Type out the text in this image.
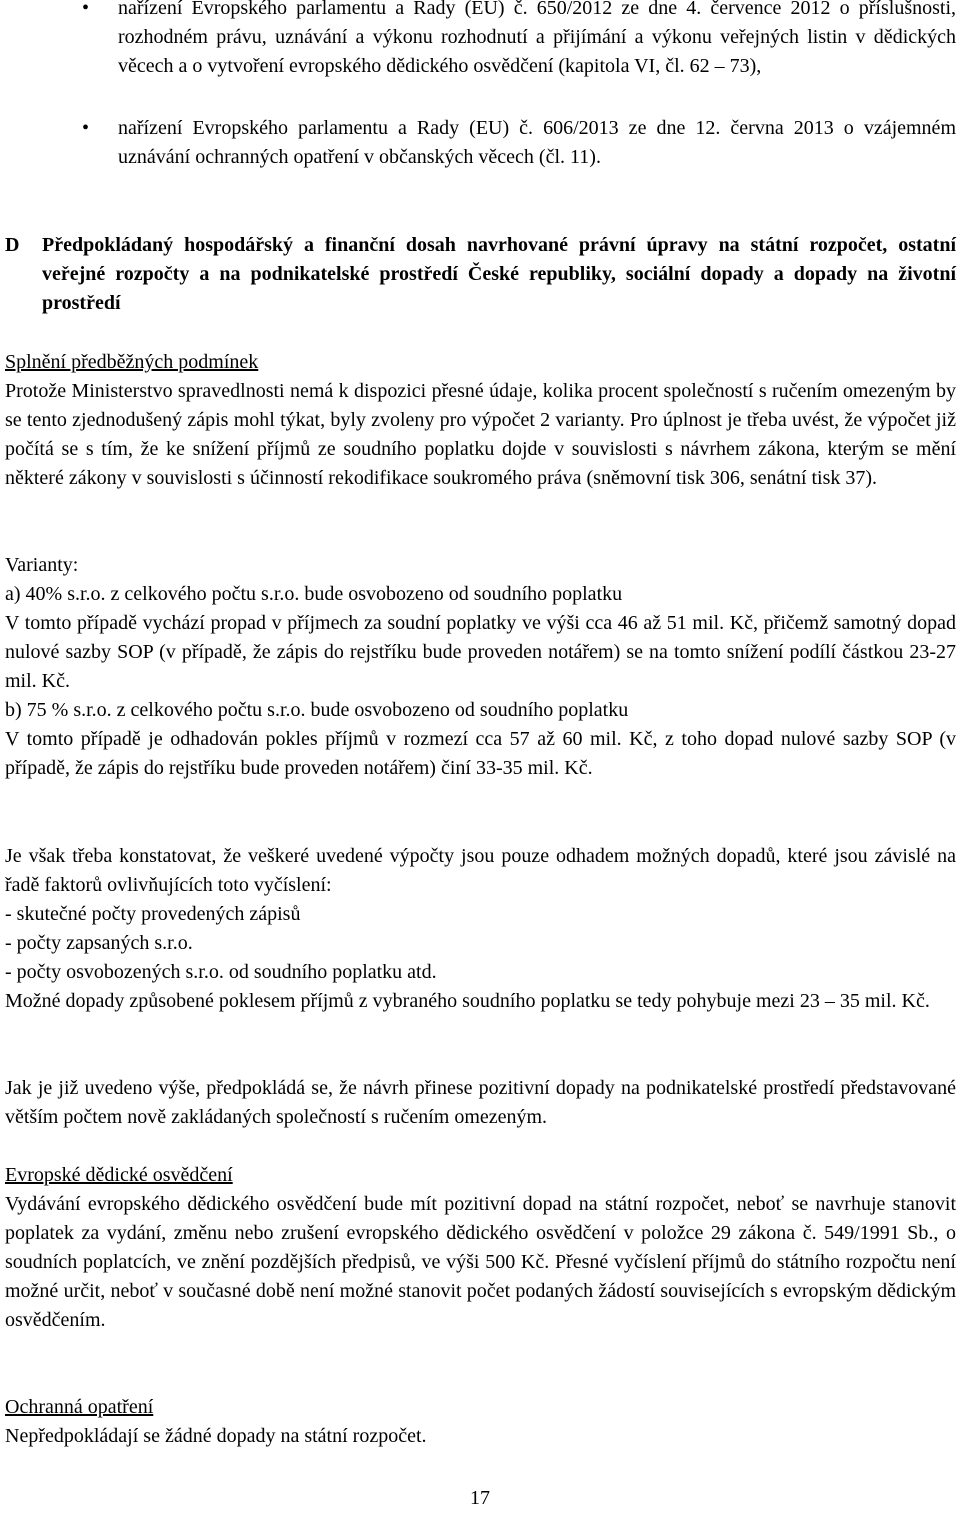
• nařízení Evropského parlamentu a Rady (EU) č. 650/2012 ze dne 4. července 2012 o příslušnosti, rozhodném právu, uznávání a výkonu rozhodnutí a přijímání a výkonu veřejných listin v dědických věcech a o vytvoření evropského dědického osvědčení (kapitola VI, čl. 62 – 73),
• nařízení Evropského parlamentu a Rady (EU) č. 606/2013 ze dne 12. června 2013 o vzájemném uznávání ochranných opatření v občanských věcech (čl. 11).
D Předpokládaný hospodářský a finanční dosah navrhované právní úpravy na státní rozpočet, ostatní veřejné rozpočty a na podnikatelské prostředí České republiky, sociální dopady a dopady na životní prostředí
Splnění předběžných podmínek
Protože Ministerstvo spravedlnosti nemá k dispozici přesné údaje, kolika procent společností s ručením omezeným by se tento zjednodušený zápis mohl týkat, byly zvoleny pro výpočet 2 varianty. Pro úplnost je třeba uvést, že výpočet již počítá se s tím, že ke snížení příjmů ze soudního poplatku dojde v souvislosti s návrhem zákona, kterým se mění některé zákony v souvislosti s účinností rekodifikace soukromého práva (sněmovní tisk 306, senátní tisk 37).
Varianty:
a) 40% s.r.o. z celkového počtu s.r.o. bude osvobozeno od soudního poplatku
V tomto případě vychází propad v příjmech za soudní poplatky ve výši cca 46 až 51 mil. Kč, přičemž samotný dopad nulové sazby SOP (v případě, že zápis do rejstříku bude proveden notářem) se na tomto snížení podílí částkou 23-27 mil. Kč.
b) 75 % s.r.o. z celkového počtu s.r.o. bude osvobozeno od soudního poplatku
V tomto případě je odhadován pokles příjmů v rozmezí cca 57 až 60 mil. Kč, z toho dopad nulové sazby SOP (v případě, že zápis do rejstříku bude proveden notářem) činí 33-35 mil. Kč.
Je však třeba konstatovat, že veškeré uvedené výpočty jsou pouze odhadem možných dopadů, které jsou závislé na řadě faktorů ovlivňujících toto vyčíslení:
- skutečné počty provedených zápisů
- počty zapsaných s.r.o.
- počty osvobozených s.r.o. od soudního poplatku atd.
Možné dopady způsobené poklesem příjmů z vybraného soudního poplatku se tedy pohybuje mezi 23 – 35 mil. Kč.
Jak je již uvedeno výše, předpokládá se, že návrh přinese pozitivní dopady na podnikatelské prostředí představované větším počtem nově zakládaných společností s ručením omezeným.
Evropské dědické osvědčení
Vydávání evropského dědického osvědčení bude mít pozitivní dopad na státní rozpočet, neboť se navrhuje stanovit poplatek za vydání, změnu nebo zrušení evropského dědického osvědčení v položce 29 zákona č. 549/1991 Sb., o soudních poplatcích, ve znění pozdějších předpisů, ve výši 500 Kč. Přesné vyčíslení příjmů do státního rozpočtu není možné určit, neboť v současné době není možné stanovit počet podaných žádostí souvisejících s evropským dědickým osvědčením.
Ochranná opatření
Nepředpokládají se žádné dopady na státní rozpočet.
17
